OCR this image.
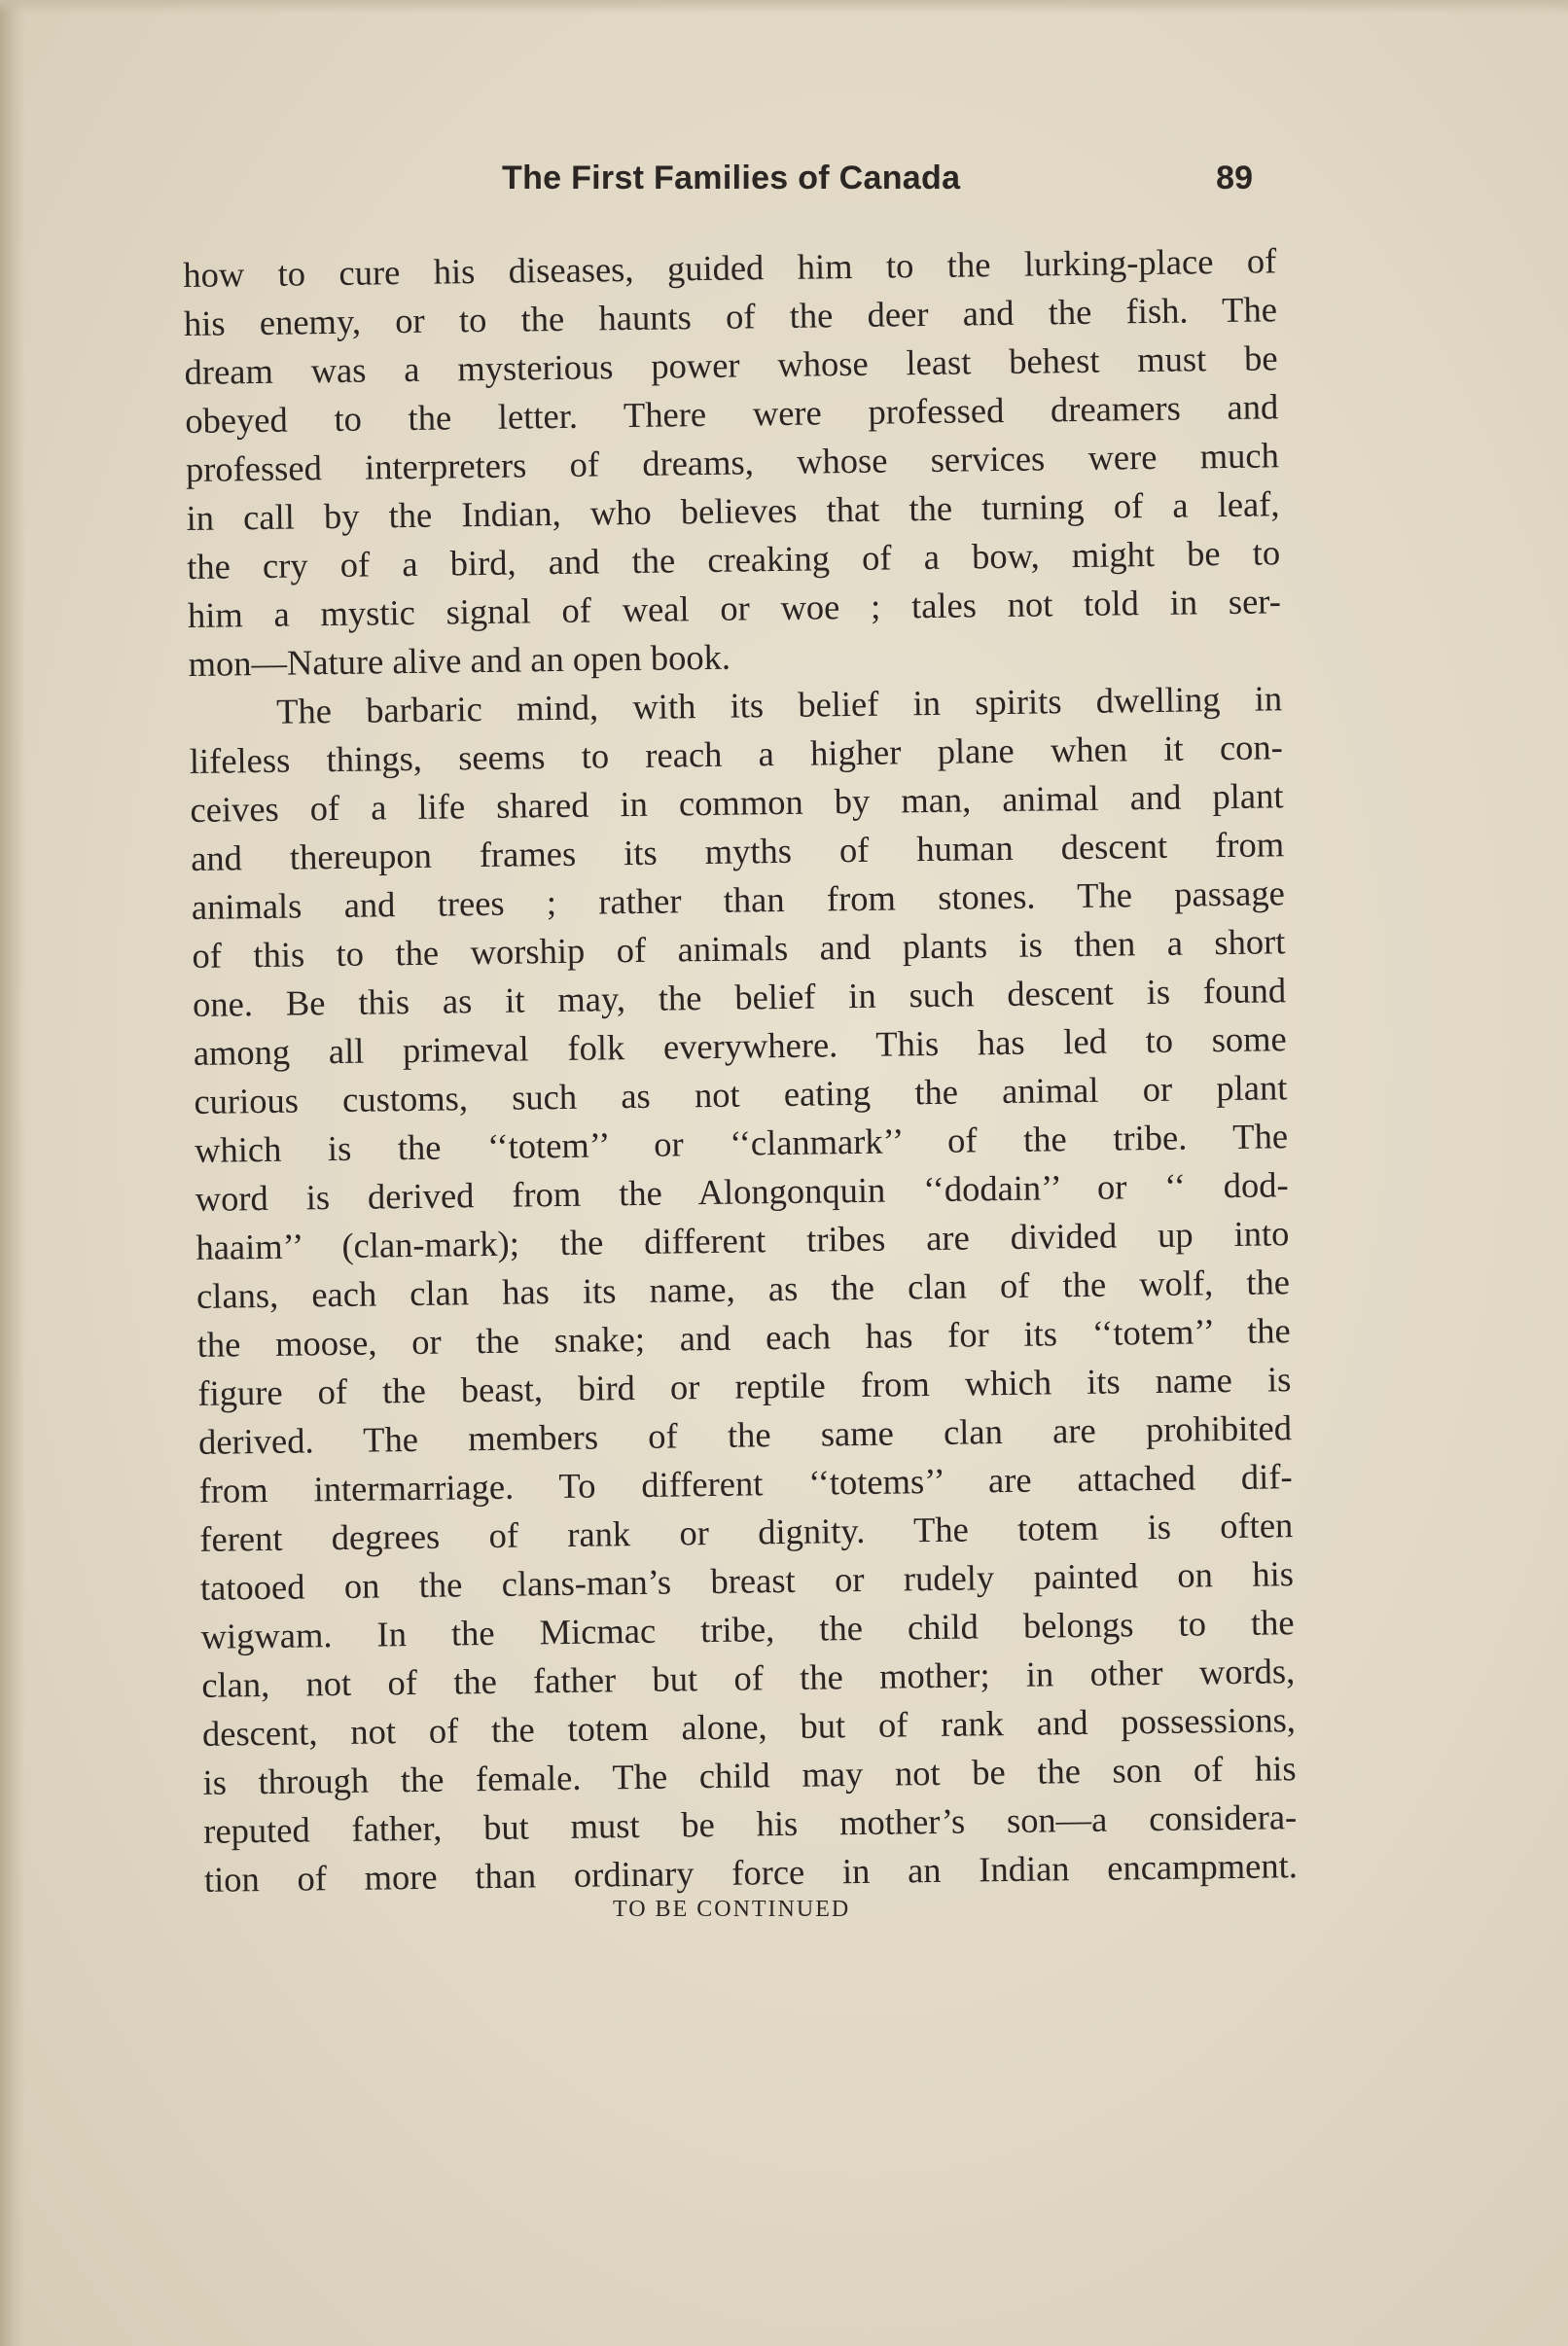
The First Families of Canada	89
how to cure his diseases, guided him to the lurking-place of
his enemy, or to the haunts of the deer and the fish. The
dream was a mysterious power whose least behest must be
obeyed to the letter. There were professed dreamers and
professed interpreters of dreams, whose services were much
in call by the Indian, who believes that the turning of a leaf,
the cry of a bird, and the creaking of a bow, might be to
him a mystic signal of weal or woe ; tales not told in ser-
mon—Nature alive and an open book.
The barbaric mind, with its belief in spirits dwelling in
lifeless things, seems to reach a higher plane when it con-
ceives of a life shared in common by man, animal and plant
and thereupon frames its myths of human descent from
animals and trees ; rather than from stones. The passage
of this to the worship of animals and plants is then a short
one. Be this as it may, the belief in such descent is found
among all primeval folk everywhere. This has led to some
curious customs, such as not eating the animal or plant
which is the ‘‘totem’’ or ‘‘clanmark’’ of the tribe. The
word is derived from the Alongonquin ‘‘dodain’’ or ‘‘ dod-
haaim’’ (clan-mark); the different tribes are divided up into
clans, each clan has its name, as the clan of the wolf, the
the moose, or the snake; and each has for its ‘‘totem’’ the
figure of the beast, bird or reptile from which its name is
derived. The members of the same clan are prohibited
from intermarriage. To different ‘‘totems’’ are attached dif-
ferent degrees of rank or dignity. The totem is often
tatooed on the clans-man’s breast or rudely painted on his
wigwam. In the Micmac tribe, the child belongs to the
clan, not of the father but of the mother; in other words,
descent, not of the totem alone, but of rank and possessions,
is through the female. The child may not be the son of his
reputed father, but must be his mother’s son—a considera-
tion of more than ordinary force in an Indian encampment.
TO BE CONTINUED
